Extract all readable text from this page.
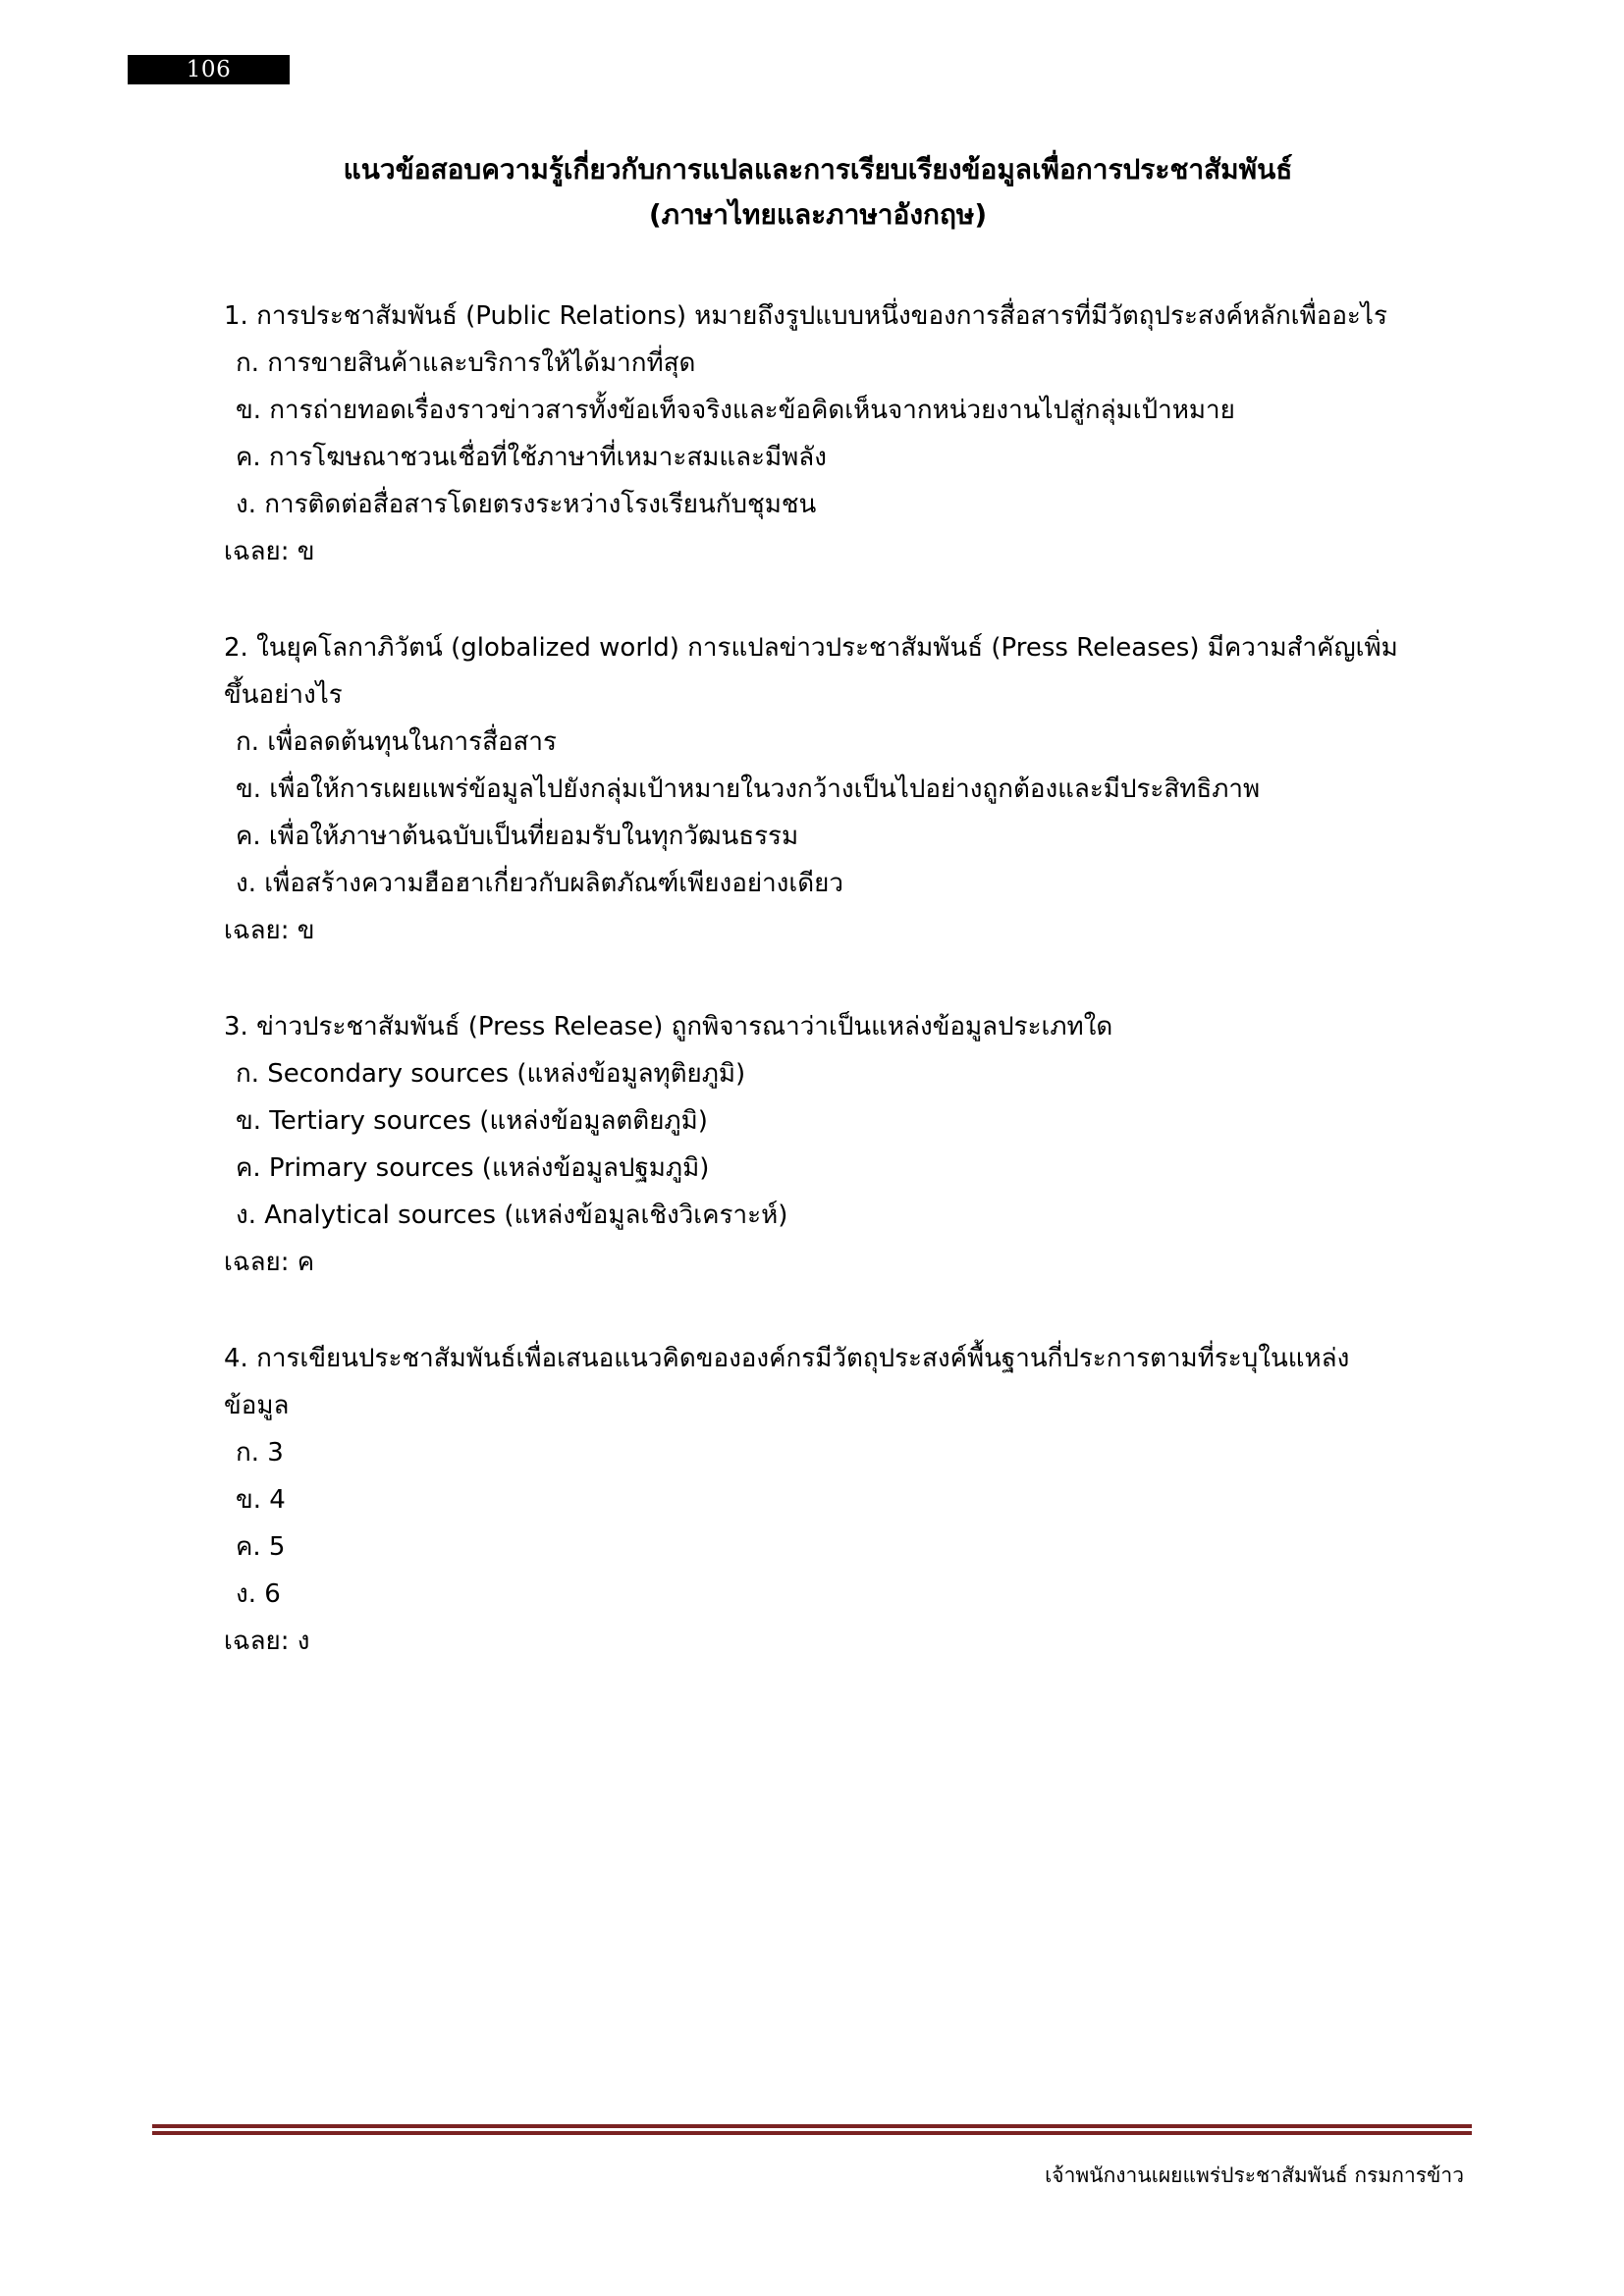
106
แนวข้อสอบความรู้เกี่ยวกับการแปลและการเรียบเรียงข้อมูลเพื่อการประชาสัมพันธ์
(ภาษาไทยและภาษาอังกฤษ)

1. การประชาสัมพันธ์ (Public Relations) หมายถึงรูปแบบหนึ่งของการสื่อสารที่มีวัตถุประสงค์หลักเพื่ออะไร

ก. การขายสินค้าและบริการให้ได้มากที่สุด
ข. การถ่ายทอดเรื่องราวข่าวสารทั้งข้อเท็จจริงและข้อคิดเห็นจากหน่วยงานไปสู่กลุ่มเป้าหมาย
ค. การโฆษณาชวนเชื่อที่ใช้ภาษาที่เหมาะสมและมีพลัง
ง. การติดต่อสื่อสารโดยตรงระหว่างโรงเรียนกับชุมชน

เฉลย: ข

2. ในยุคโลกาภิวัตน์ (globalized world) การแปลข่าวประชาสัมพันธ์ (Press Releases) มีความสำคัญเพิ่มขึ้นอย่างไร

ก. เพื่อลดต้นทุนในการสื่อสาร
ข. เพื่อให้การเผยแพร่ข้อมูลไปยังกลุ่มเป้าหมายในวงกว้างเป็นไปอย่างถูกต้องและมีประสิทธิภาพ
ค. เพื่อให้ภาษาต้นฉบับเป็นที่ยอมรับในทุกวัฒนธรรม
ง. เพื่อสร้างความฮือฮาเกี่ยวกับผลิตภัณฑ์เพียงอย่างเดียว

เฉลย: ข

3. ข่าวประชาสัมพันธ์ (Press Release) ถูกพิจารณาว่าเป็นแหล่งข้อมูลประเภทใด

ก. Secondary sources (แหล่งข้อมูลทุติยภูมิ)
ข. Tertiary sources (แหล่งข้อมูลตติยภูมิ)
ค. Primary sources (แหล่งข้อมูลปฐมภูมิ)
ง. Analytical sources (แหล่งข้อมูลเชิงวิเคราะห์)

เฉลย: ค

4. การเขียนประชาสัมพันธ์เพื่อเสนอแนวคิดขององค์กรมีวัตถุประสงค์พื้นฐานกี่ประการตามที่ระบุในแหล่งข้อมูล

ก. 3
ข. 4
ค. 5
ง. 6

เฉลย: ง

เจ้าพนักงานเผยแพร่ประชาสัมพันธ์ กรมการข้าว
